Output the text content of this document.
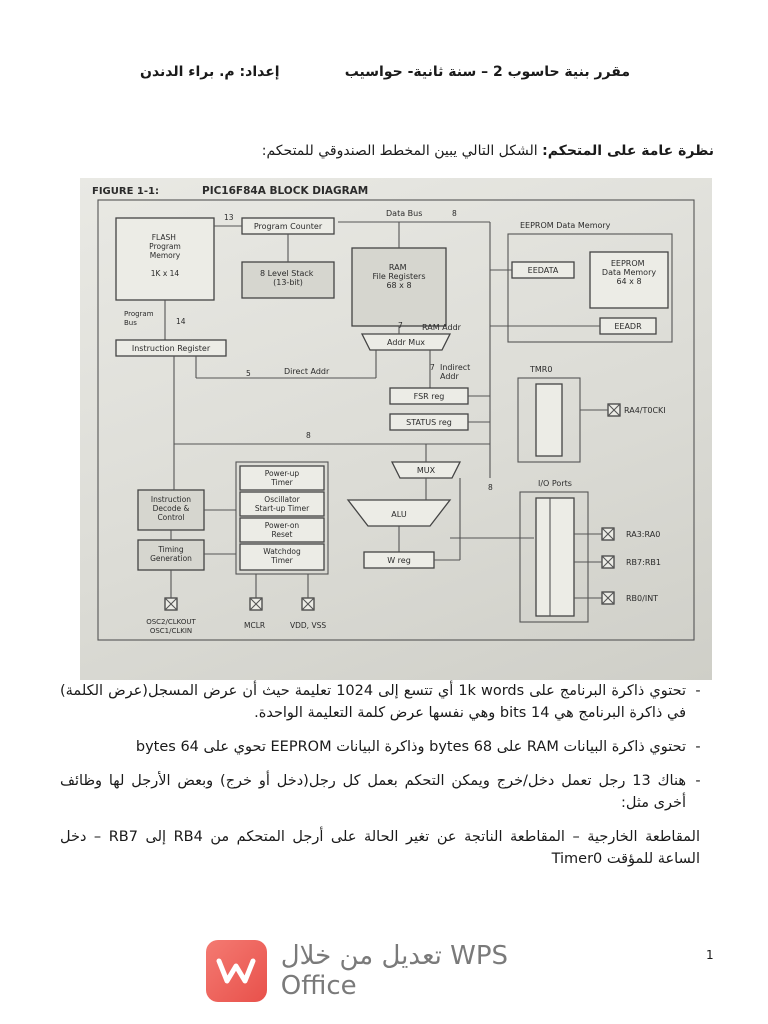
مقرر بنية حاسوب 2 – سنة ثانية- حواسيب
إعداد: م. براء الدندن
نظرة عامة على المتحكم: الشكل التالي يبين المخطط الصندوقي للمتحكم:
FIGURE 1-1:	PIC16F84A BLOCK DIAGRAM
FLASH Program Memory 1K x 14
Program Counter
13
8 Level Stack (13-bit)
Data Bus	8
RAM File Registers 68 x 8
EEPROM Data Memory
EEDATA
EEPROM Data Memory 64 x 8
EEADR
Program Bus	14
Instruction Register
Addr Mux
RAM Addr
7
Direct Addr
5
Indirect Addr
7
FSR reg
STATUS reg
TMR0
RA4/T0CKI
8
MUX
Power-up Timer
Oscillator Start-up Timer
Power-on Reset
Watchdog Timer
Instruction Decode & Control
Timing Generation
ALU
W reg
8	I/O Ports
RA3:RA0
RB7:RB1
RB0/INT
OSC2/CLKOUT OSC1/CLKIN
MCLR	VDD, VSS
تحتوي ذاكرة البرنامج على 1k words أي تتسع إلى 1024 تعليمة حيث أن عرض المسجل(عرض الكلمة) في ذاكرة البرنامج هي 14 bits وهي نفسها عرض كلمة التعليمة الواحدة.
-
تحتوي ذاكرة البيانات RAM على 68 bytes وذاكرة البيانات EEPROM تحوي على 64 bytes -
هناك 13 رجل تعمل دخل/خرج ويمكن التحكم بعمل كل رجل(دخل أو خرج) وبعض الأرجل لها وظائف أخرى مثل:
-
المقاطعة الخارجية – المقاطعة الناتجة عن تغير الحالة على أرجل المتحكم من RB4 إلى RB7 – دخل الساعة للمؤقت Timer0
تعديل من خلال WPS Office
1
